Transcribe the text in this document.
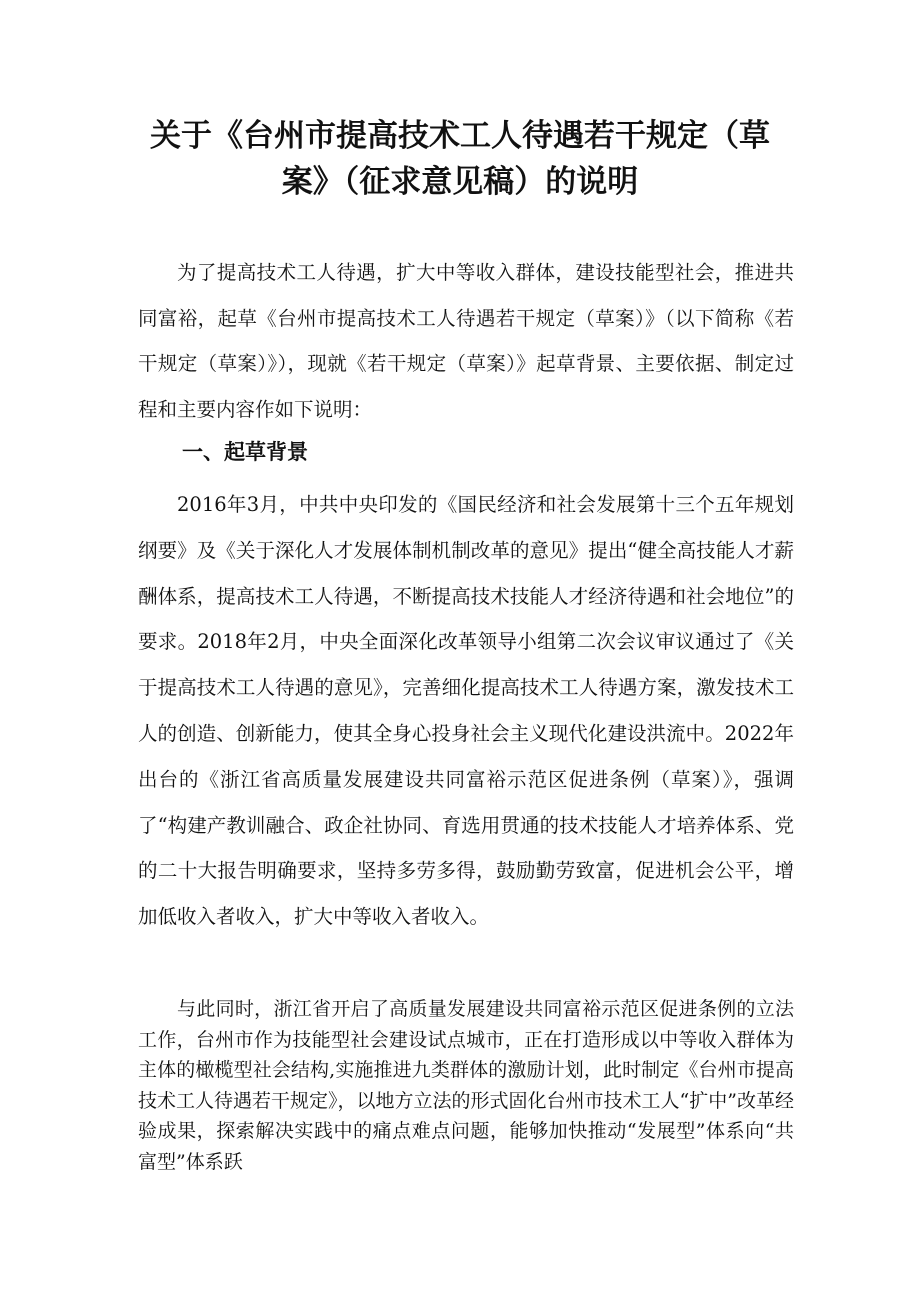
关于《台州市提高技术工人待遇若干规定（草
案》（征求意见稿）的说明

为了提高技术工人待遇，扩大中等收入群体，建设技能型社会，推进共同富裕，起草《台州市提高技术工人待遇若干规定（草案）》（以下简称《若干规定（草案）》），现就《若干规定（草案）》起草背景、主要依据、制定过程和主要内容作如下说明：

一、起草背景

2016年3月，中共中央印发的《国民经济和社会发展第十三个五年规划纲要》及《关于深化人才发展体制机制改革的意见》提出“健全高技能人才薪酬体系，提高技术工人待遇，不断提高技术技能人才经济待遇和社会地位”的要求。2018年2月，中央全面深化改革领导小组第二次会议审议通过了《关于提高技术工人待遇的意见》，完善细化提高技术工人待遇方案，激发技术工人的创造、创新能力，使其全身心投身社会主义现代化建设洪流中。2022年出台的《浙江省高质量发展建设共同富裕示范区促进条例（草案）》，强调了“构建产教训融合、政企社协同、育选用贯通的技术技能人才培养体系、党的二十大报告明确要求，坚持多劳多得，鼓励勤劳致富，促进机会公平，增加低收入者收入，扩大中等收入者收入。

与此同时，浙江省开启了高质量发展建设共同富裕示范区促进条例的立法工作，台州市作为技能型社会建设试点城市，正在打造形成以中等收入群体为主体的橄榄型社会结构,实施推进九类群体的激励计划，此时制定《台州市提高技术工人待遇若干规定》，以地方立法的形式固化台州市技术工人“扩中”改革经验成果，探索解决实践中的痛点难点问题，能够加快推动“发展型”体系向“共富型”体系跃
